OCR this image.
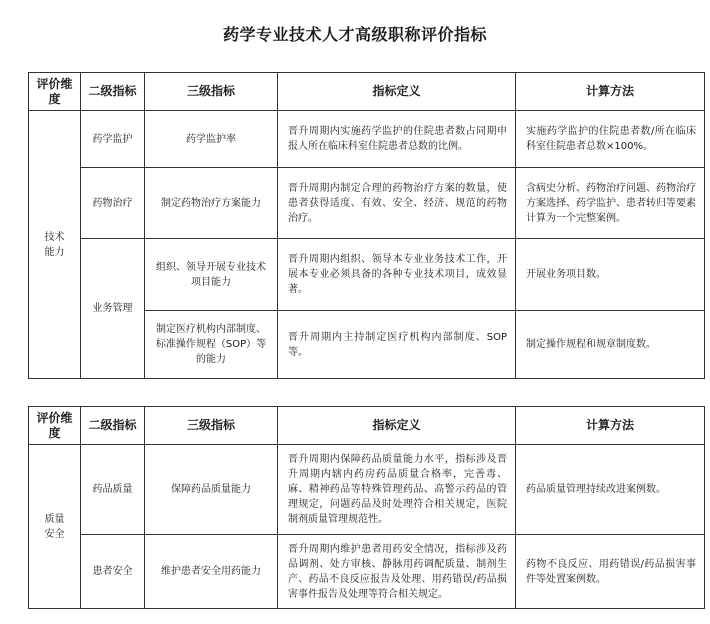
药学专业技术人才高级职称评价指标
评价维度	二级指标	三级指标	指标定义	计算方法
技术能力	药学监护	药学监护率	晋升周期内实施药学监护的住院患者数占同期申报人所在临床科室住院患者总数的比例。	实施药学监护的住院患者数/所在临床科室住院患者总数×100%。
	药物治疗	制定药物治疗方案能力	晋升周期内制定合理的药物治疗方案的数量，使患者获得适度、有效、安全、经济、规范的药物治疗。	含病史分析、药物治疗问题、药物治疗方案选择、药学监护、患者转归等要素计算为一个完整案例。
	业务管理	组织、领导开展专业技术项目能力	晋升周期内组织、领导本专业业务技术工作，开展本专业必须具备的各种专业技术项目，成效显著。	开展业务项目数。
		制定医疗机构内部制度、标准操作规程（SOP）等的能力	晋升周期内主持制定医疗机构内部制度、SOP等。	制定操作规程和规章制度数。
评价维度	二级指标	三级指标	指标定义	计算方法
质量安全	药品质量	保障药品质量能力	晋升周期内保障药品质量能力水平，指标涉及晋升周期内辖内药房药品质量合格率，完善毒、麻、精神药品等特殊管理药品、高警示药品的管理规定，问题药品及时处理符合相关规定，医院制剂质量管理规范性。	药品质量管理持续改进案例数。
	患者安全	维护患者安全用药能力	晋升周期内维护患者用药安全情况，指标涉及药品调剂、处方审核、静脉用药调配质量、制剂生产、药品不良反应报告及处理、用药错误/药品损害事件报告及处理等符合相关规定。	药物不良反应、用药错误/药品损害事件等处置案例数。
